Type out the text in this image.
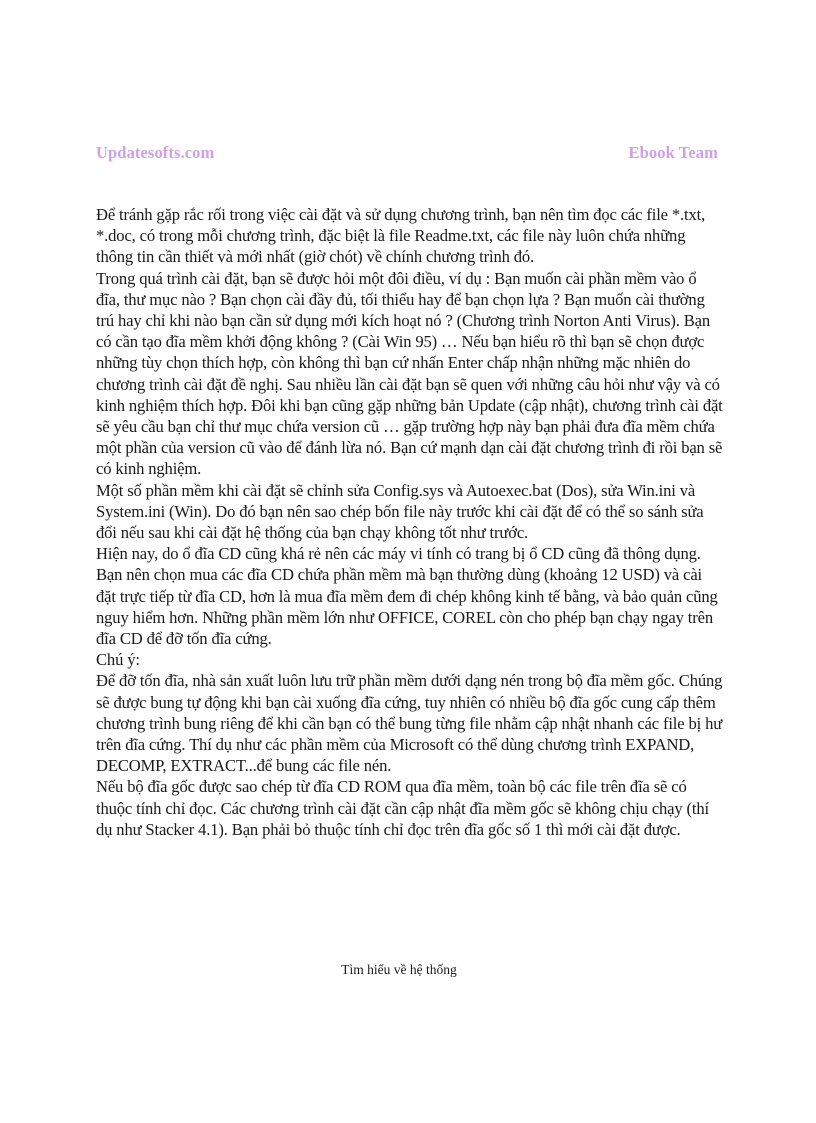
Updatesofts.com	Ebook Team

Để tránh gặp rắc rối trong việc cài đặt và sử dụng chương trình, bạn nên tìm đọc các file *.txt, *.doc, có trong mỗi chương trình, đặc biệt là file Readme.txt, các file này luôn chứa những thông tin cần thiết và mới nhất (giờ chót) về chính chương trình đó.

Trong quá trình cài đặt, bạn sẽ được hỏi một đôi điều, ví dụ : Bạn muốn cài phần mềm vào ổ đĩa, thư mục nào ? Bạn chọn cài đầy đủ, tối thiểu hay để bạn chọn lựa ? Bạn muốn cài thường trú hay chỉ khi nào bạn cần sử dụng mới kích hoạt nó ? (Chương trình Norton Anti Virus). Bạn có cần tạo đĩa mềm khởi động không ? (Cài Win 95) … Nếu bạn hiểu rõ thì bạn sẽ chọn được những tùy chọn thích hợp, còn không thì bạn cứ nhấn Enter chấp nhận những mặc nhiên do chương trình cài đặt đề nghị. Sau nhiều lần cài đặt bạn sẽ quen với những câu hỏi như vậy và có kinh nghiệm thích hợp. Đôi khi bạn cũng gặp những bản Update (cập nhật), chương trình cài đặt sẽ yêu cầu bạn chỉ thư mục chứa version cũ … gặp trường hợp này bạn phải đưa đĩa mềm chứa một phần của version cũ vào để đánh lừa nó. Bạn cứ mạnh dạn cài đặt chương trình đi rồi bạn sẽ có kinh nghiệm.

Một số phần mềm khi cài đặt sẽ chỉnh sửa Config.sys và Autoexec.bat (Dos), sửa Win.ini và System.ini (Win). Do đó bạn nên sao chép bốn file này trước khi cài đặt để có thể so sánh sửa đổi nếu sau khi cài đặt hệ thống của bạn chạy không tốt như trước.

Hiện nay, do ổ đĩa CD cũng khá rẻ nên các máy vi tính có trang bị ổ CD cũng đã thông dụng. Bạn nên chọn mua các đĩa CD chứa phần mềm mà bạn thường dùng (khoảng 12 USD) và cài đặt trực tiếp từ đĩa CD, hơn là mua đĩa mềm đem đi chép không kinh tế bằng, và bảo quản cũng nguy hiểm hơn. Những phần mềm lớn như OFFICE, COREL còn cho phép bạn chạy ngay trên đĩa CD để đỡ tốn đĩa cứng.

Chú ý:

Để đỡ tốn đĩa, nhà sản xuất luôn lưu trữ phần mềm dưới dạng nén trong bộ đĩa mềm gốc. Chúng sẽ được bung tự động khi bạn cài xuống đĩa cứng, tuy nhiên có nhiều bộ đĩa gốc cung cấp thêm chương trình bung riêng để khi cần bạn có thể bung từng file nhằm cập nhật nhanh các file bị hư trên đĩa cứng. Thí dụ như các phần mềm của Microsoft có thể dùng chương trình EXPAND, DECOMP, EXTRACT...để bung các file nén.

Nếu bộ đĩa gốc được sao chép từ đĩa CD ROM qua đĩa mềm, toàn bộ các file trên đĩa sẽ có thuộc tính chỉ đọc. Các chương trình cài đặt cần cập nhật đĩa mềm gốc sẽ không chịu chạy (thí dụ như Stacker 4.1). Bạn phải bỏ thuộc tính chỉ đọc trên đĩa gốc số 1 thì mới cài đặt được.

Tìm hiểu về hệ thống
